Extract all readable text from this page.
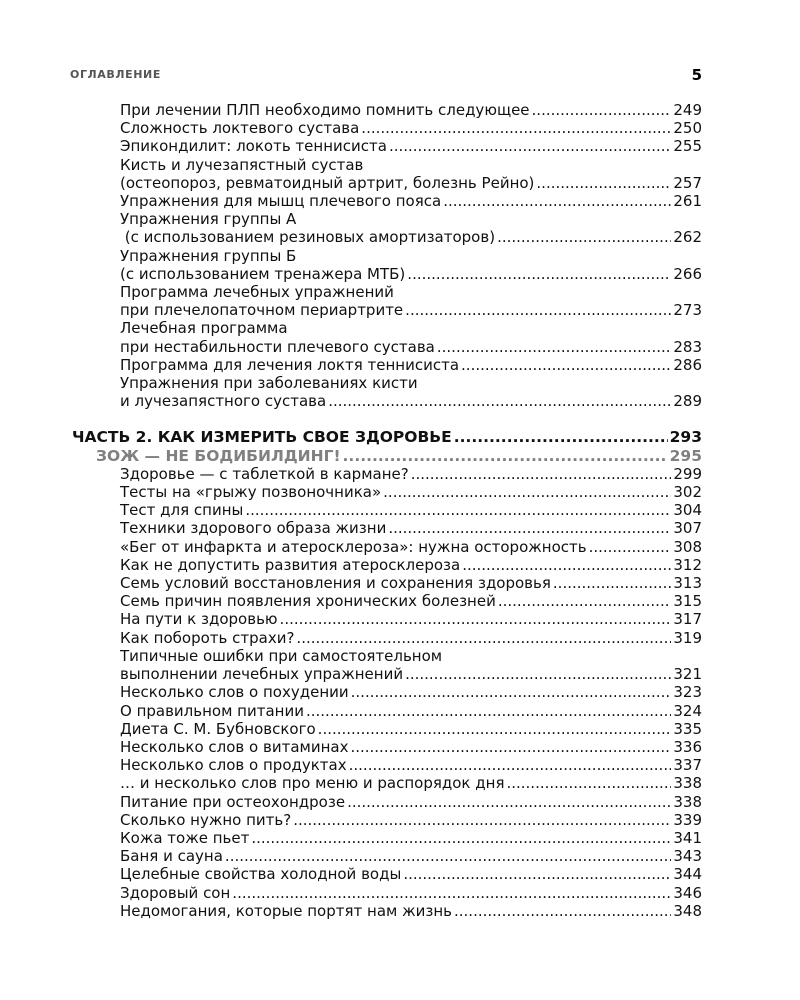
ОГЛАВЛЕНИЕ	5
При лечении ПЛП необходимо помнить следующее .....	249
Сложность локтевого сустава .....	250
Эпикондилит: локоть теннисиста .....	255
Кисть и лучезапястный сустав
(остеопороз, ревматоидный артрит, болезнь Рейно) .....	257
Упражнения для мышц плечевого пояса .....	261
Упражнения группы А
(с использованием резиновых амортизаторов) .....	262
Упражнения группы Б
(с использованием тренажера МТБ) .....	266
Программа лечебных упражнений
при плечелопаточном периартрите .....	273
Лечебная программа
при нестабильности плечевого сустава .....	283
Программа для лечения локтя теннисиста .....	286
Упражнения при заболеваниях кисти
и лучезапястного сустава .....	289
ЧАСТЬ 2. КАК ИЗМЕРИТЬ СВОЕ ЗДОРОВЬЕ .....	293
ЗОЖ — НЕ БОДИБИЛДИНГ! .....	295
Здоровье — с таблеткой в кармане? .....	299
Тесты на «грыжу позвоночника» .....	302
Тест для спины .....	304
Техники здорового образа жизни .....	307
«Бег от инфаркта и атеросклероза»: нужна осторожность .....	308
Как не допустить развития атеросклероза .....	312
Семь условий восстановления и сохранения здоровья .....	313
Семь причин появления хронических болезней .....	315
На пути к здоровью .....	317
Как побороть страхи? .....	319
Типичные ошибки при самостоятельном
выполнении лечебных упражнений .....	321
Несколько слов о похудении .....	323
О правильном питании .....	324
Диета С. М. Бубновского .....	335
Несколько слов о витаминах .....	336
Несколько слов о продуктах .....	337
… и несколько слов про меню и распорядок дня .....	338
Питание при остеохондрозе .....	338
Сколько нужно пить? .....	339
Кожа тоже пьет .....	341
Баня и сауна .....	343
Целебные свойства холодной воды .....	344
Здоровый сон .....	346
Недомогания, которые портят нам жизнь .....	348
